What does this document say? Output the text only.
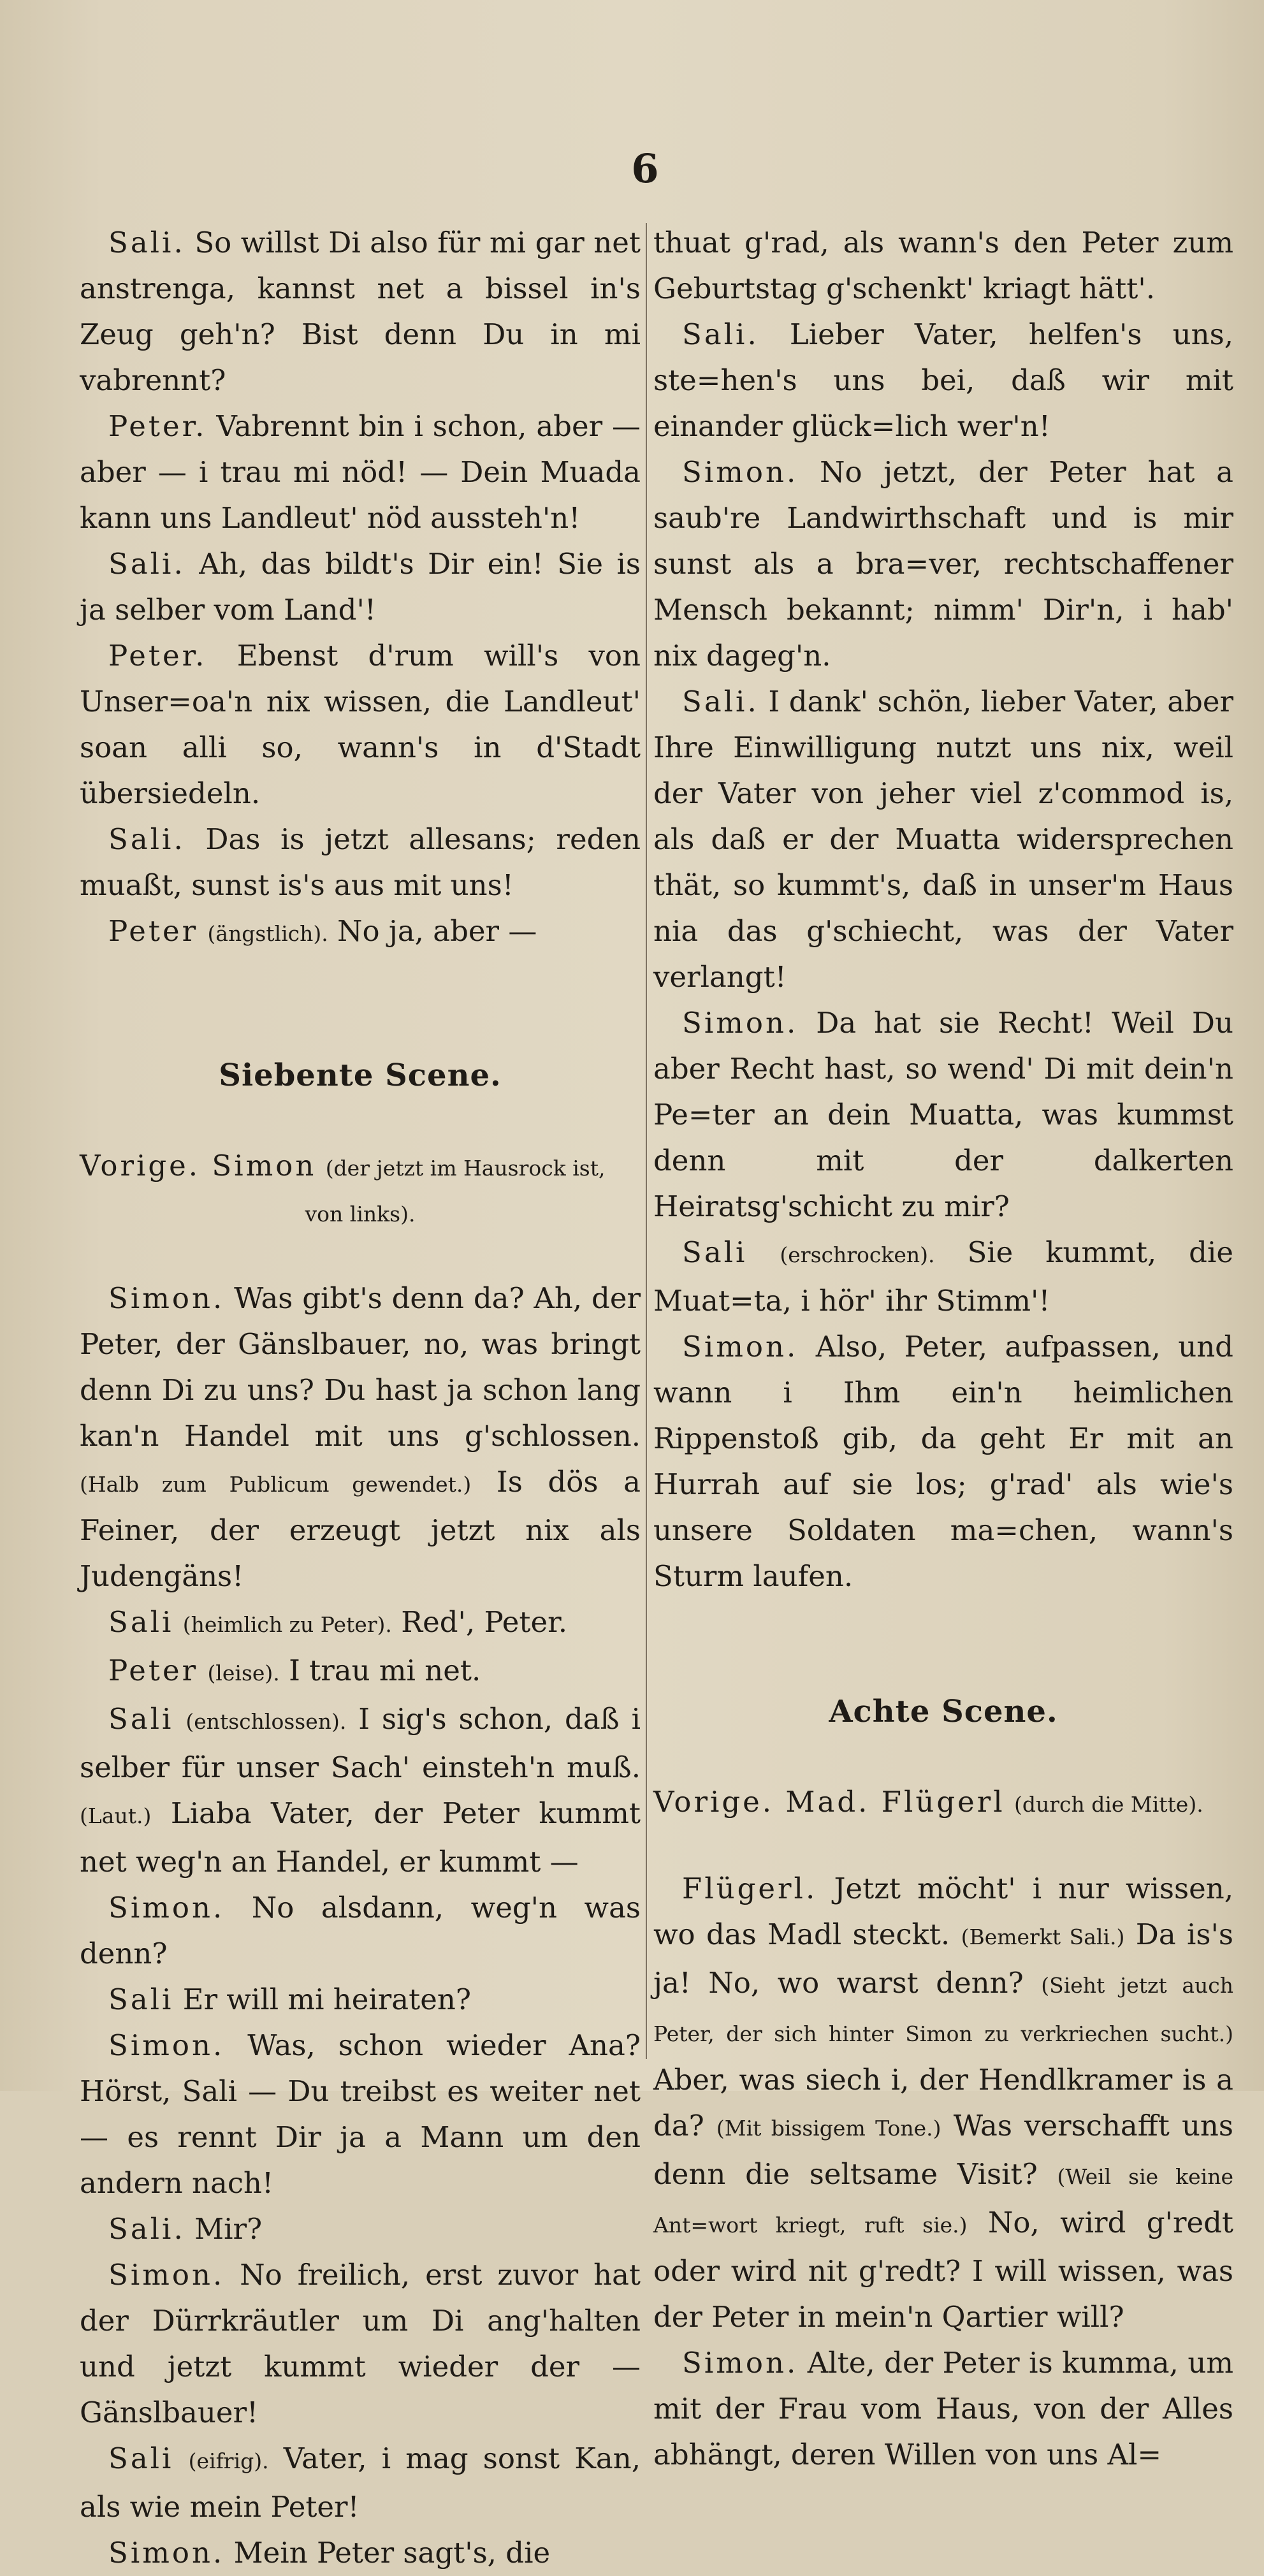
6

Sali. So willst Di also für mi gar net anstrenga, kannst net a bissel in's Zeug geh'n? Bist denn Du in mi vabrennt?

Peter. Vabrennt bin i schon, aber — aber — i trau mi nöd! — Dein Muada kann uns Landleut' nöd aussteh'n!

Sali. Ah, das bildt's Dir ein! Sie is ja selber vom Land'!

Peter. Ebenst d'rum will's von Unser=oa'n nix wissen, die Landleut' soan alli so, wann's in d'Stadt übersiedeln.

Sali. Das is jetzt allesans; reden muaßt, sunst is's aus mit uns!

Peter (ängstlich). No ja, aber —

Siebente Scene.

Vorige. Simon (der jetzt im Hausrock ist,
von links).

Simon. Was gibt's denn da? Ah, der Peter, der Gänslbauer, no, was bringt denn Di zu uns? Du hast ja schon lang kan'n Handel mit uns g'schlossen. (Halb zum Publicum gewendet.) Is dös a Feiner, der erzeugt jetzt nix als Judengäns!

Sali (heimlich zu Peter). Red', Peter.

Peter (leise). I trau mi net.

Sali (entschlossen). I sig's schon, daß i selber für unser Sach' einsteh'n muß. (Laut.) Liaba Vater, der Peter kummt net weg'n an Handel, er kummt —

Simon. No alsdann, weg'n was denn?

Sali Er will mi heiraten?

Simon. Was, schon wieder Ana? Hörst, Sali — Du treibst es weiter net — es rennt Dir ja a Mann um den andern nach!

Sali. Mir?

Simon. No freilich, erst zuvor hat der Dürrkräutler um Di ang'halten und jetzt kummt wieder der — Gänslbauer!

Sali (eifrig). Vater, i mag sonst Kan, als wie mein Peter!

Simon. Mein Peter sagt's, die

thuat g'rad, als wann's den Peter zum Geburtstag g'schenkt' kriagt hätt'.

Sali. Lieber Vater, helfen's uns, ste=hen's uns bei, daß wir mit einander glück=lich wer'n!

Simon. No jetzt, der Peter hat a saub're Landwirthschaft und is mir sunst als a bra=ver, rechtschaffener Mensch bekannt; nimm' Dir'n, i hab' nix dageg'n.

Sali. I dank' schön, lieber Vater, aber Ihre Einwilligung nutzt uns nix, weil der Vater von jeher viel z'commod is, als daß er der Muatta widersprechen thät, so kummt's, daß in unser'm Haus nia das g'schiecht, was der Vater verlangt!

Simon. Da hat sie Recht! Weil Du aber Recht hast, so wend' Di mit dein'n Pe=ter an dein Muatta, was kummst denn mit der dalkerten Heiratsg'schicht zu mir?

Sali (erschrocken). Sie kummt, die Muat=ta, i hör' ihr Stimm'!

Simon. Also, Peter, aufpassen, und wann i Ihm ein'n heimlichen Rippenstoß gib, da geht Er mit an Hurrah auf sie los; g'rad' als wie's unsere Soldaten ma=chen, wann's Sturm laufen.

Achte Scene.

Vorige. Mad. Flügerl (durch die Mitte).

Flügerl. Jetzt möcht' i nur wissen, wo das Madl steckt. (Bemerkt Sali.) Da is's ja! No, wo warst denn? (Sieht jetzt auch Peter, der sich hinter Simon zu verkriechen sucht.) Aber, was siech i, der Hendlkramer is a da? (Mit bissigem Tone.) Was verschafft uns denn die seltsame Visit? (Weil sie keine Ant=wort kriegt, ruft sie.) No, wird g'redt oder wird nit g'redt? I will wissen, was der Peter in mein'n Qartier will?

Simon. Alte, der Peter is kumma, um mit der Frau vom Haus, von der Alles abhängt, deren Willen von uns Al=
